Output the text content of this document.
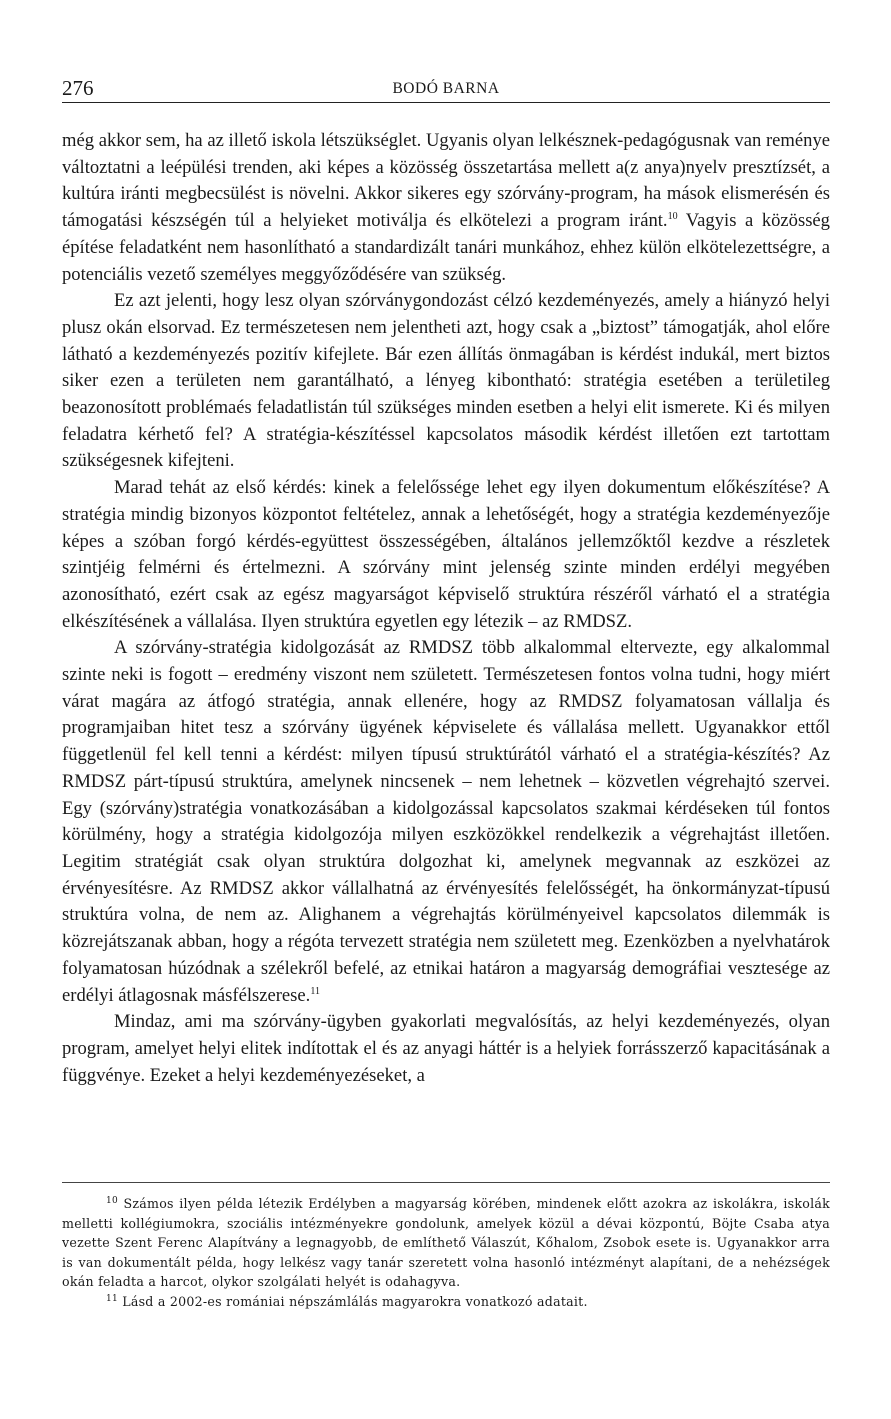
276	BODÓ BARNA

még akkor sem, ha az illető iskola létszükséglet. Ugyanis olyan lelkésznek-pedagógusnak van reménye változtatni a leépülési trenden, aki képes a közösség összetartása mellett a(z anya)nyelv presztízsét, a kultúra iránti megbecsülést is növelni. Akkor sikeres egy szórvány-program, ha mások elismerésén és támogatási készségén túl a helyieket motiválja és elkötelezi a program iránt.$^{10}$ Vagyis a közösség építése feladatként nem hasonlítható a standardizált tanári munkához, ehhez külön elkötelezettségre, a potenciális vezető személyes meggyőződésére van szükség.

Ez azt jelenti, hogy lesz olyan szórványgondozást célzó kezdeményezés, amely a hiányzó helyi plusz okán elsorvad. Ez természetesen nem jelentheti azt, hogy csak a „biztost” támogatják, ahol előre látható a kezdeményezés pozitív kifejlete. Bár ezen állítás önmagában is kérdést indukál, mert biztos siker ezen a területen nem garantálható, a lényeg kibontható: stratégia esetében a területileg beazonosított problémaés feladatlistán túl szükséges minden esetben a helyi elit ismerete. Ki és milyen feladatra kérhető fel? A stratégia-készítéssel kapcsolatos második kérdést illetően ezt tartottam szükségesnek kifejteni.

Marad tehát az első kérdés: kinek a felelőssége lehet egy ilyen dokumentum előkészítése? A stratégia mindig bizonyos központot feltételez, annak a lehetőségét, hogy a stratégia kezdeményezője képes a szóban forgó kérdés-együttest összességében, általános jellemzőktől kezdve a részletek szintjéig felmérni és értelmezni. A szórvány mint jelenség szinte minden erdélyi megyében azonosítható, ezért csak az egész magyarságot képviselő struktúra részéről várható el a stratégia elkészítésének a vállalása. Ilyen struktúra egyetlen egy létezik – az RMDSZ.

A szórvány-stratégia kidolgozását az RMDSZ több alkalommal eltervezte, egy alkalommal szinte neki is fogott – eredmény viszont nem született. Természetesen fontos volna tudni, hogy miért várat magára az átfogó stratégia, annak ellenére, hogy az RMDSZ folyamatosan vállalja és programjaiban hitet tesz a szórvány ügyének képviselete és vállalása mellett. Ugyanakkor ettől függetlenül fel kell tenni a kérdést: milyen típusú struktúrától várható el a stratégia-készítés? Az RMDSZ párt-típusú struktúra, amelynek nincsenek – nem lehetnek – közvetlen végrehajtó szervei. Egy (szórvány)stratégia vonatkozásában a kidolgozással kapcsolatos szakmai kérdéseken túl fontos körülmény, hogy a stratégia kidolgozója milyen eszközökkel rendelkezik a végrehajtást illetően. Legitim stratégiát csak olyan struktúra dolgozhat ki, amelynek megvannak az eszközei az érvényesítésre. Az RMDSZ akkor vállalhatná az érvényesítés felelősségét, ha önkormányzat-típusú struktúra volna, de nem az. Alighanem a végrehajtás körülményeivel kapcsolatos dilemmák is közrejátszanak abban, hogy a régóta tervezett stratégia nem született meg. Ezenközben a nyelvhatárok folyamatosan húzódnak a szélekről befelé, az etnikai határon a magyarság demográfiai vesztesége az erdélyi átlagosnak másfélszerese.$^{11}$

Mindaz, ami ma szórvány-ügyben gyakorlati megvalósítás, az helyi kezdeményezés, olyan program, amelyet helyi elitek indítottak el és az anyagi háttér is a helyiek forrásszerző kapacitásának a függvénye. Ezeket a helyi kezdeményezéseket, a

$^{10}$ Számos ilyen példa létezik Erdélyben a magyarság körében, mindenek előtt azokra az iskolákra, iskolák melletti kollégiumokra, szociális intézményekre gondolunk, amelyek közül a dévai központú, Böjte Csaba atya vezette Szent Ferenc Alapítvány a legnagyobb, de említhető Válaszút, Kőhalom, Zsobok esete is. Ugyanakkor arra is van dokumentált példa, hogy lelkész vagy tanár szeretett volna hasonló intézményt alapítani, de a nehézségek okán feladta a harcot, olykor szolgálati helyét is odahagyva.

$^{11}$ Lásd a 2002-es romániai népszámlálás magyarokra vonatkozó adatait.
